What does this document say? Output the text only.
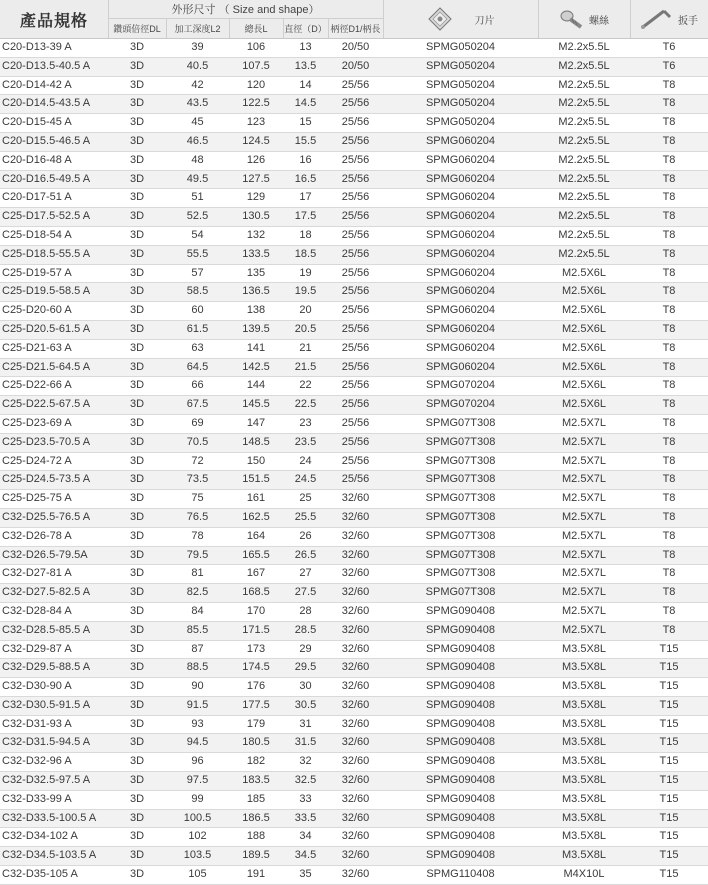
產品規格
外形尺寸 （ Size and shape）
鑽頭倍徑DL	加工深度L2	總長L	直徑（D） 柄徑D1/柄長
刀片	螺絲	扳手
C20-D13-39 A	3D	39	106	13	20/50	SPMG050204	M2.2x5.5L	T6
C20-D13.5-40.5 A	3D	40.5	107.5	13.5	20/50	SPMG050204	M2.2x5.5L	T6
C20-D14-42 A	3D	42	120	14	25/56	SPMG050204	M2.2x5.5L	T8
C20-D14.5-43.5 A	3D	43.5	122.5	14.5	25/56	SPMG050204	M2.2x5.5L	T8
C20-D15-45 A	3D	45	123	15	25/56	SPMG050204	M2.2x5.5L	T8
C20-D15.5-46.5 A	3D	46.5	124.5	15.5	25/56	SPMG060204	M2.2x5.5L	T8
C20-D16-48 A	3D	48	126	16	25/56	SPMG060204	M2.2x5.5L	T8
C20-D16.5-49.5 A	3D	49.5	127.5	16.5	25/56	SPMG060204	M2.2x5.5L	T8
C20-D17-51 A	3D	51	129	17	25/56	SPMG060204	M2.2x5.5L	T8
C25-D17.5-52.5 A	3D	52.5	130.5	17.5	25/56	SPMG060204	M2.2x5.5L	T8
C25-D18-54 A	3D	54	132	18	25/56	SPMG060204	M2.2x5.5L	T8
C25-D18.5-55.5 A	3D	55.5	133.5	18.5	25/56	SPMG060204	M2.2x5.5L	T8
C25-D19-57 A	3D	57	135	19	25/56	SPMG060204	M2.5X6L	T8
C25-D19.5-58.5 A	3D	58.5	136.5	19.5	25/56	SPMG060204	M2.5X6L	T8
C25-D20-60 A	3D	60	138	20	25/56	SPMG060204	M2.5X6L	T8
C25-D20.5-61.5 A	3D	61.5	139.5	20.5	25/56	SPMG060204	M2.5X6L	T8
C25-D21-63 A	3D	63	141	21	25/56	SPMG060204	M2.5X6L	T8
C25-D21.5-64.5 A	3D	64.5	142.5	21.5	25/56	SPMG060204	M2.5X6L	T8
C25-D22-66 A	3D	66	144	22	25/56	SPMG070204	M2.5X6L	T8
C25-D22.5-67.5 A	3D	67.5	145.5	22.5	25/56	SPMG070204	M2.5X6L	T8
C25-D23-69 A	3D	69	147	23	25/56	SPMG07T308	M2.5X7L	T8
C25-D23.5-70.5 A	3D	70.5	148.5	23.5	25/56	SPMG07T308	M2.5X7L	T8
C25-D24-72 A	3D	72	150	24	25/56	SPMG07T308	M2.5X7L	T8
C25-D24.5-73.5 A	3D	73.5	151.5	24.5	25/56	SPMG07T308	M2.5X7L	T8
C25-D25-75 A	3D	75	161	25	32/60	SPMG07T308	M2.5X7L	T8
C32-D25.5-76.5 A	3D	76.5	162.5	25.5	32/60	SPMG07T308	M2.5X7L	T8
C32-D26-78 A	3D	78	164	26	32/60	SPMG07T308	M2.5X7L	T8
C32-D26.5-79.5A	3D	79.5	165.5	26.5	32/60	SPMG07T308	M2.5X7L	T8
C32-D27-81 A	3D	81	167	27	32/60	SPMG07T308	M2.5X7L	T8
C32-D27.5-82.5 A	3D	82.5	168.5	27.5	32/60	SPMG07T308	M2.5X7L	T8
C32-D28-84 A	3D	84	170	28	32/60	SPMG090408	M2.5X7L	T8
C32-D28.5-85.5 A	3D	85.5	171.5	28.5	32/60	SPMG090408	M2.5X7L	T8
C32-D29-87 A	3D	87	173	29	32/60	SPMG090408	M3.5X8L	T15
C32-D29.5-88.5 A	3D	88.5	174.5	29.5	32/60	SPMG090408	M3.5X8L	T15
C32-D30-90 A	3D	90	176	30	32/60	SPMG090408	M3.5X8L	T15
C32-D30.5-91.5 A	3D	91.5	177.5	30.5	32/60	SPMG090408	M3.5X8L	T15
C32-D31-93 A	3D	93	179	31	32/60	SPMG090408	M3.5X8L	T15
C32-D31.5-94.5 A	3D	94.5	180.5	31.5	32/60	SPMG090408	M3.5X8L	T15
C32-D32-96 A	3D	96	182	32	32/60	SPMG090408	M3.5X8L	T15
C32-D32.5-97.5 A	3D	97.5	183.5	32.5	32/60	SPMG090408	M3.5X8L	T15
C32-D33-99 A	3D	99	185	33	32/60	SPMG090408	M3.5X8L	T15
C32-D33.5-100.5 A	3D	100.5	186.5	33.5	32/60	SPMG090408	M3.5X8L	T15
C32-D34-102 A	3D	102	188	34	32/60	SPMG090408	M3.5X8L	T15
C32-D34.5-103.5 A	3D	103.5	189.5	34.5	32/60	SPMG090408	M3.5X8L	T15
C32-D35-105 A	3D	105	191	35	32/60	SPMG110408	M4X10L	T15
